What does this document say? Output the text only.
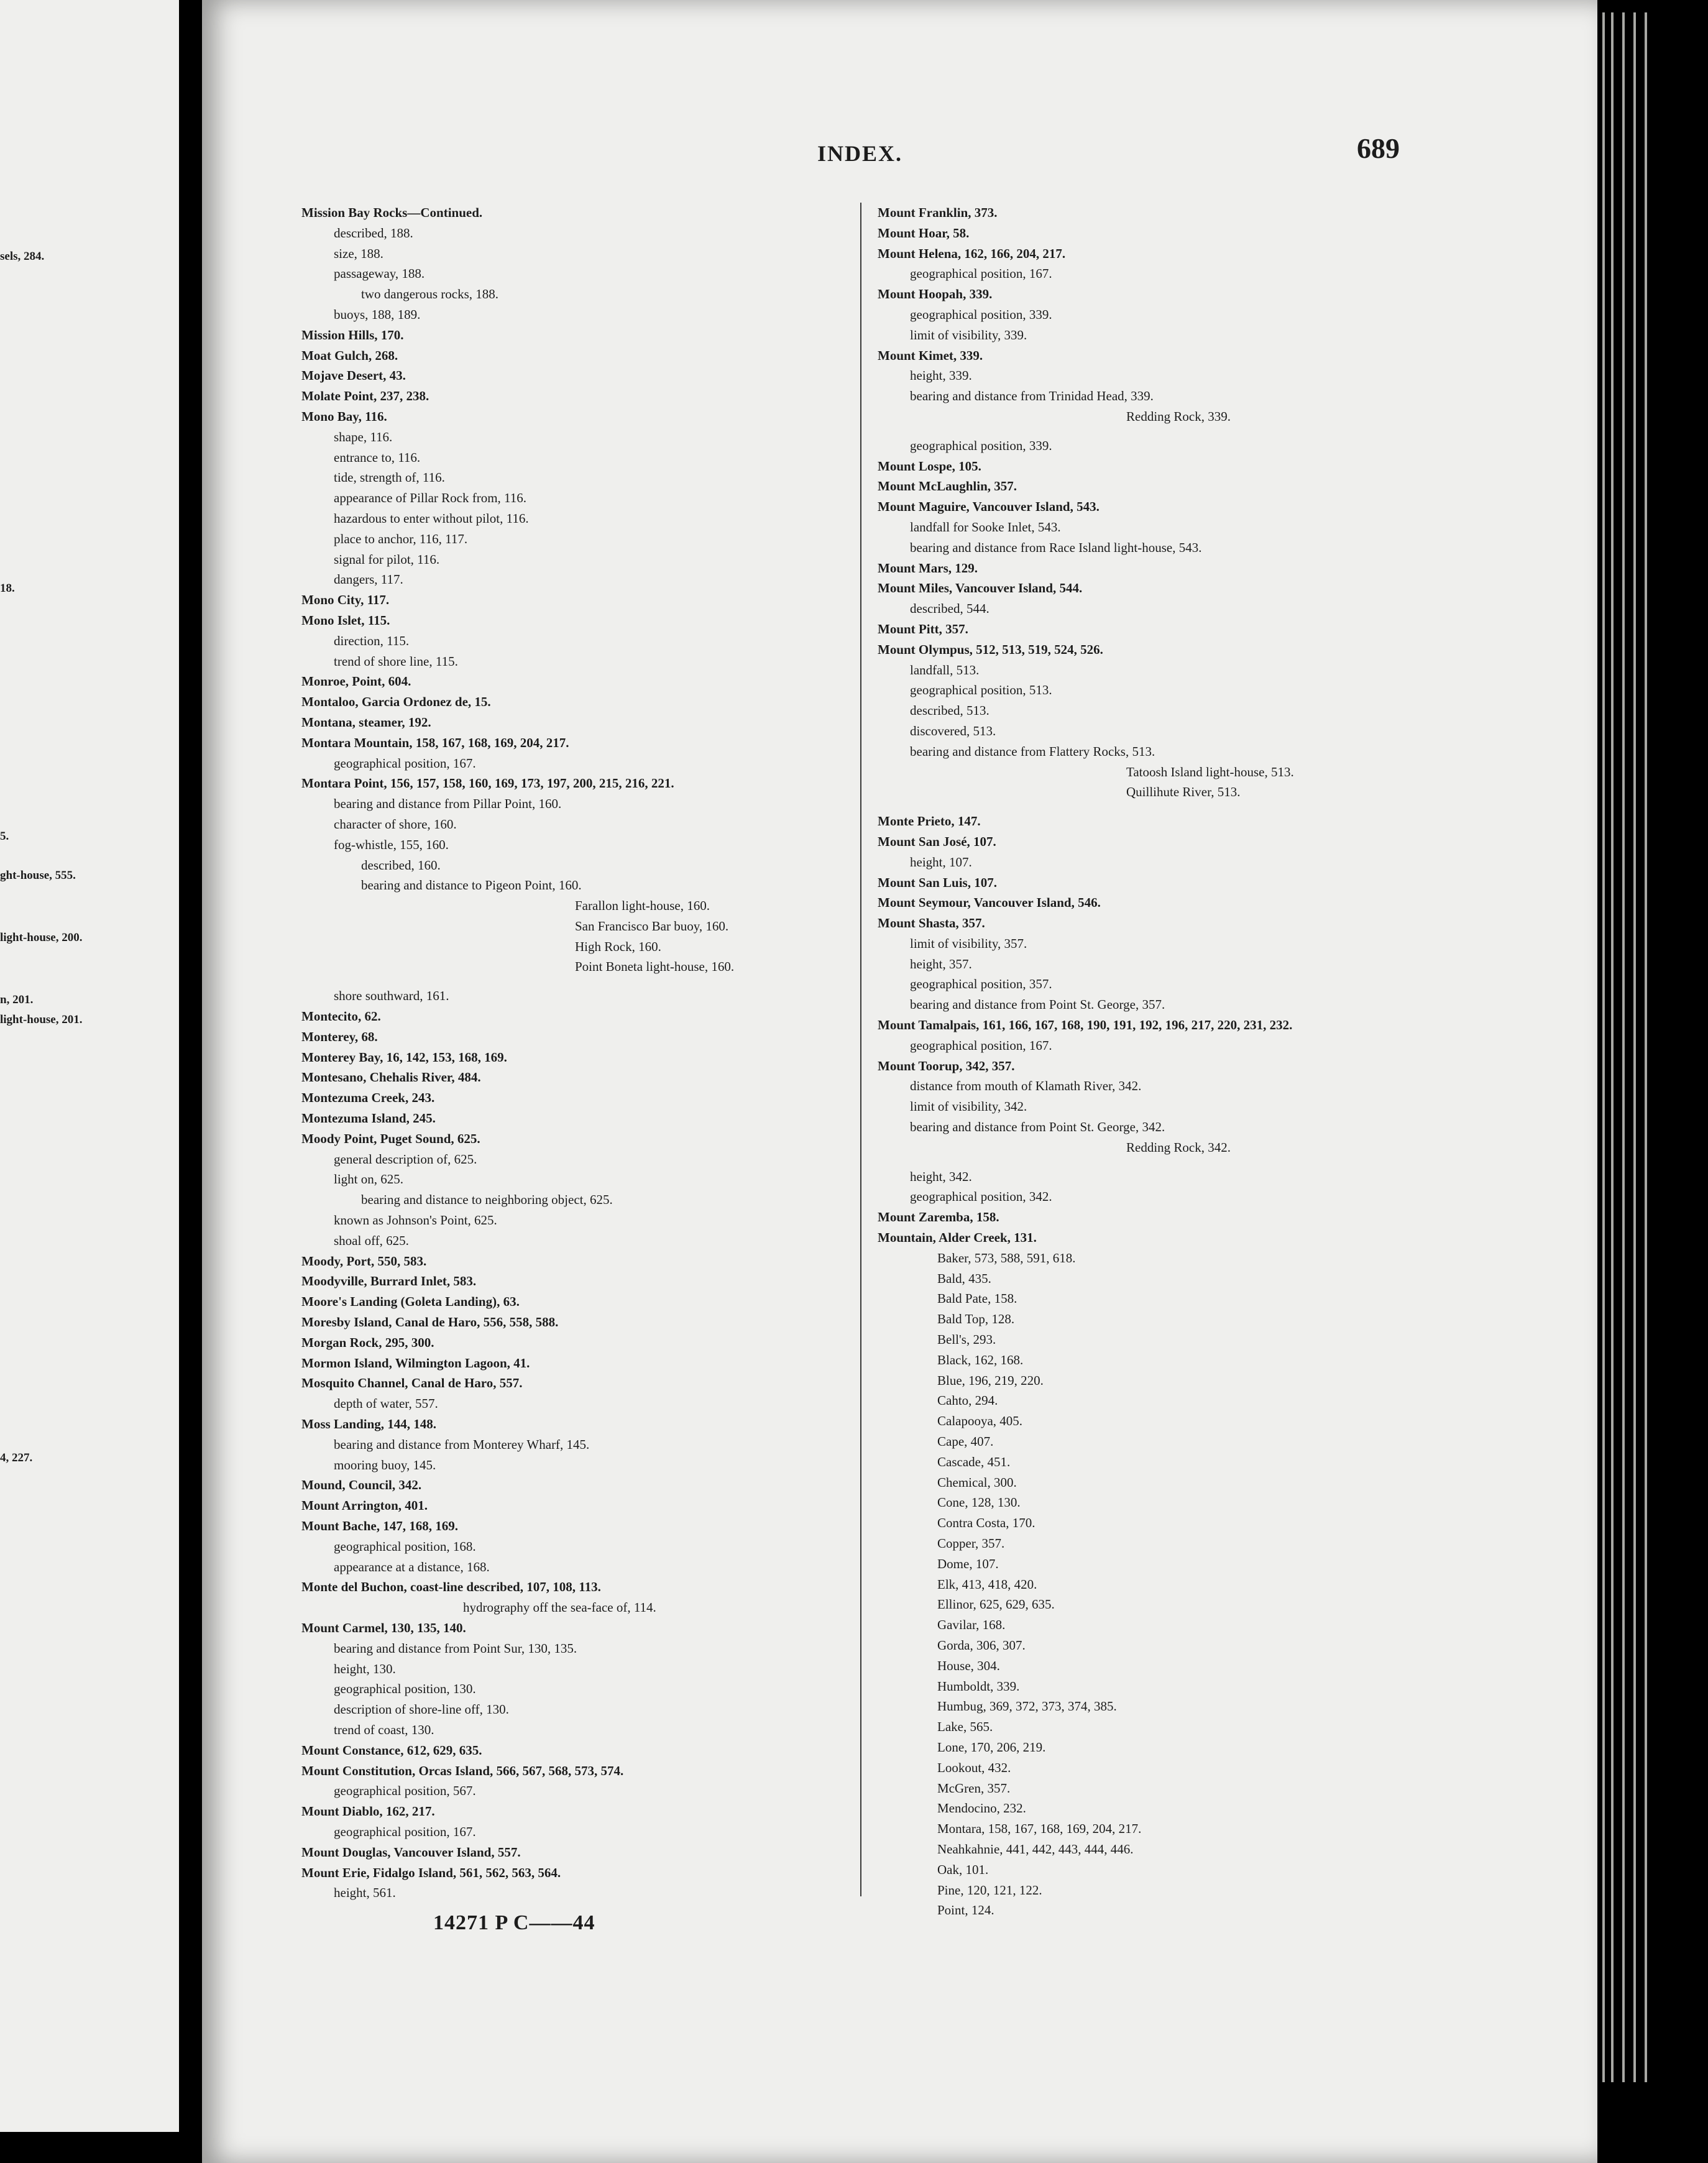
sels, 284.
18.
5.
ght-house, 555.
light-house, 200.
n, 201.
light-house, 201.
4, 227.
INDEX.	689
Mission Bay Rocks—Continued.
described, 188.
size, 188.
passageway, 188.
two dangerous rocks, 188.
buoys, 188, 189.
Mission Hills, 170.
Moat Gulch, 268.
Mojave Desert, 43.
Molate Point, 237, 238.
Mono Bay, 116.
shape, 116.
entrance to, 116.
tide, strength of, 116.
appearance of Pillar Rock from, 116.
hazardous to enter without pilot, 116.
place to anchor, 116, 117.
signal for pilot, 116.
dangers, 117.
Mono City, 117.
Mono Islet, 115.
direction, 115.
trend of shore line, 115.
Monroe, Point, 604.
Montaloo, Garcia Ordonez de, 15.
Montana, steamer, 192.
Montara Mountain, 158, 167, 168, 169, 204, 217.
geographical position, 167.
Montara Point, 156, 157, 158, 160, 169, 173, 197, 200, 215, 216, 221.
bearing and distance from Pillar Point, 160.
character of shore, 160.
fog-whistle, 155, 160.
described, 160.
bearing and distance to Pigeon Point, 160.
Farallon light-house, 160.
San Francisco Bar buoy, 160.
High Rock, 160.
Point Boneta light-house, 160.
shore southward, 161.
Montecito, 62.
Monterey, 68.
Monterey Bay, 16, 142, 153, 168, 169.
Montesano, Chehalis River, 484.
Montezuma Creek, 243.
Montezuma Island, 245.
Moody Point, Puget Sound, 625.
general description of, 625.
light on, 625.
bearing and distance to neighboring object, 625.
known as Johnson's Point, 625.
shoal off, 625.
Moody, Port, 550, 583.
Moodyville, Burrard Inlet, 583.
Moore's Landing (Goleta Landing), 63.
Moresby Island, Canal de Haro, 556, 558, 588.
Morgan Rock, 295, 300.
Mormon Island, Wilmington Lagoon, 41.
Mosquito Channel, Canal de Haro, 557.
depth of water, 557.
Moss Landing, 144, 148.
bearing and distance from Monterey Wharf, 145.
mooring buoy, 145.
Mound, Council, 342.
Mount Arrington, 401.
Mount Bache, 147, 168, 169.
geographical position, 168.
appearance at a distance, 168.
Monte del Buchon, coast-line described, 107, 108, 113.
hydrography off the sea-face of, 114.
Mount Carmel, 130, 135, 140.
bearing and distance from Point Sur, 130, 135.
height, 130.
geographical position, 130.
description of shore-line off, 130.
trend of coast, 130.
Mount Constance, 612, 629, 635.
Mount Constitution, Orcas Island, 566, 567, 568, 573, 574.
geographical position, 567.
Mount Diablo, 162, 217.
geographical position, 167.
Mount Douglas, Vancouver Island, 557.
Mount Erie, Fidalgo Island, 561, 562, 563, 564.
height, 561.
Mount Franklin, 373.
Mount Hoar, 58.
Mount Helena, 162, 166, 204, 217.
geographical position, 167.
Mount Hoopah, 339.
geographical position, 339.
limit of visibility, 339.
Mount Kimet, 339.
height, 339.
bearing and distance from Trinidad Head, 339.
Redding Rock, 339.
geographical position, 339.
Mount Lospe, 105.
Mount McLaughlin, 357.
Mount Maguire, Vancouver Island, 543.
landfall for Sooke Inlet, 543.
bearing and distance from Race Island light-house, 543.
Mount Mars, 129.
Mount Miles, Vancouver Island, 544.
described, 544.
Mount Pitt, 357.
Mount Olympus, 512, 513, 519, 524, 526.
landfall, 513.
geographical position, 513.
described, 513.
discovered, 513.
bearing and distance from Flattery Rocks, 513.
Tatoosh Island light-house, 513.
Quillihute River, 513.
Monte Prieto, 147.
Mount San José, 107.
height, 107.
Mount San Luis, 107.
Mount Seymour, Vancouver Island, 546.
Mount Shasta, 357.
limit of visibility, 357.
height, 357.
geographical position, 357.
bearing and distance from Point St. George, 357.
Mount Tamalpais, 161, 166, 167, 168, 190, 191, 192, 196, 217, 220, 231, 232.
geographical position, 167.
Mount Toorup, 342, 357.
distance from mouth of Klamath River, 342.
limit of visibility, 342.
bearing and distance from Point St. George, 342.
Redding Rock, 342.
height, 342.
geographical position, 342.
Mount Zaremba, 158.
Mountain, Alder Creek, 131.
Baker, 573, 588, 591, 618.
Bald, 435.
Bald Pate, 158.
Bald Top, 128.
Bell's, 293.
Black, 162, 168.
Blue, 196, 219, 220.
Cahto, 294.
Calapooya, 405.
Cape, 407.
Cascade, 451.
Chemical, 300.
Cone, 128, 130.
Contra Costa, 170.
Copper, 357.
Dome, 107.
Elk, 413, 418, 420.
Ellinor, 625, 629, 635.
Gavilar, 168.
Gorda, 306, 307.
House, 304.
Humboldt, 339.
Humbug, 369, 372, 373, 374, 385.
Lake, 565.
Lone, 170, 206, 219.
Lookout, 432.
McGren, 357.
Mendocino, 232.
Montara, 158, 167, 168, 169, 204, 217.
Neahkahnie, 441, 442, 443, 444, 446.
Oak, 101.
Pine, 120, 121, 122.
Point, 124.
14271 P C——44
